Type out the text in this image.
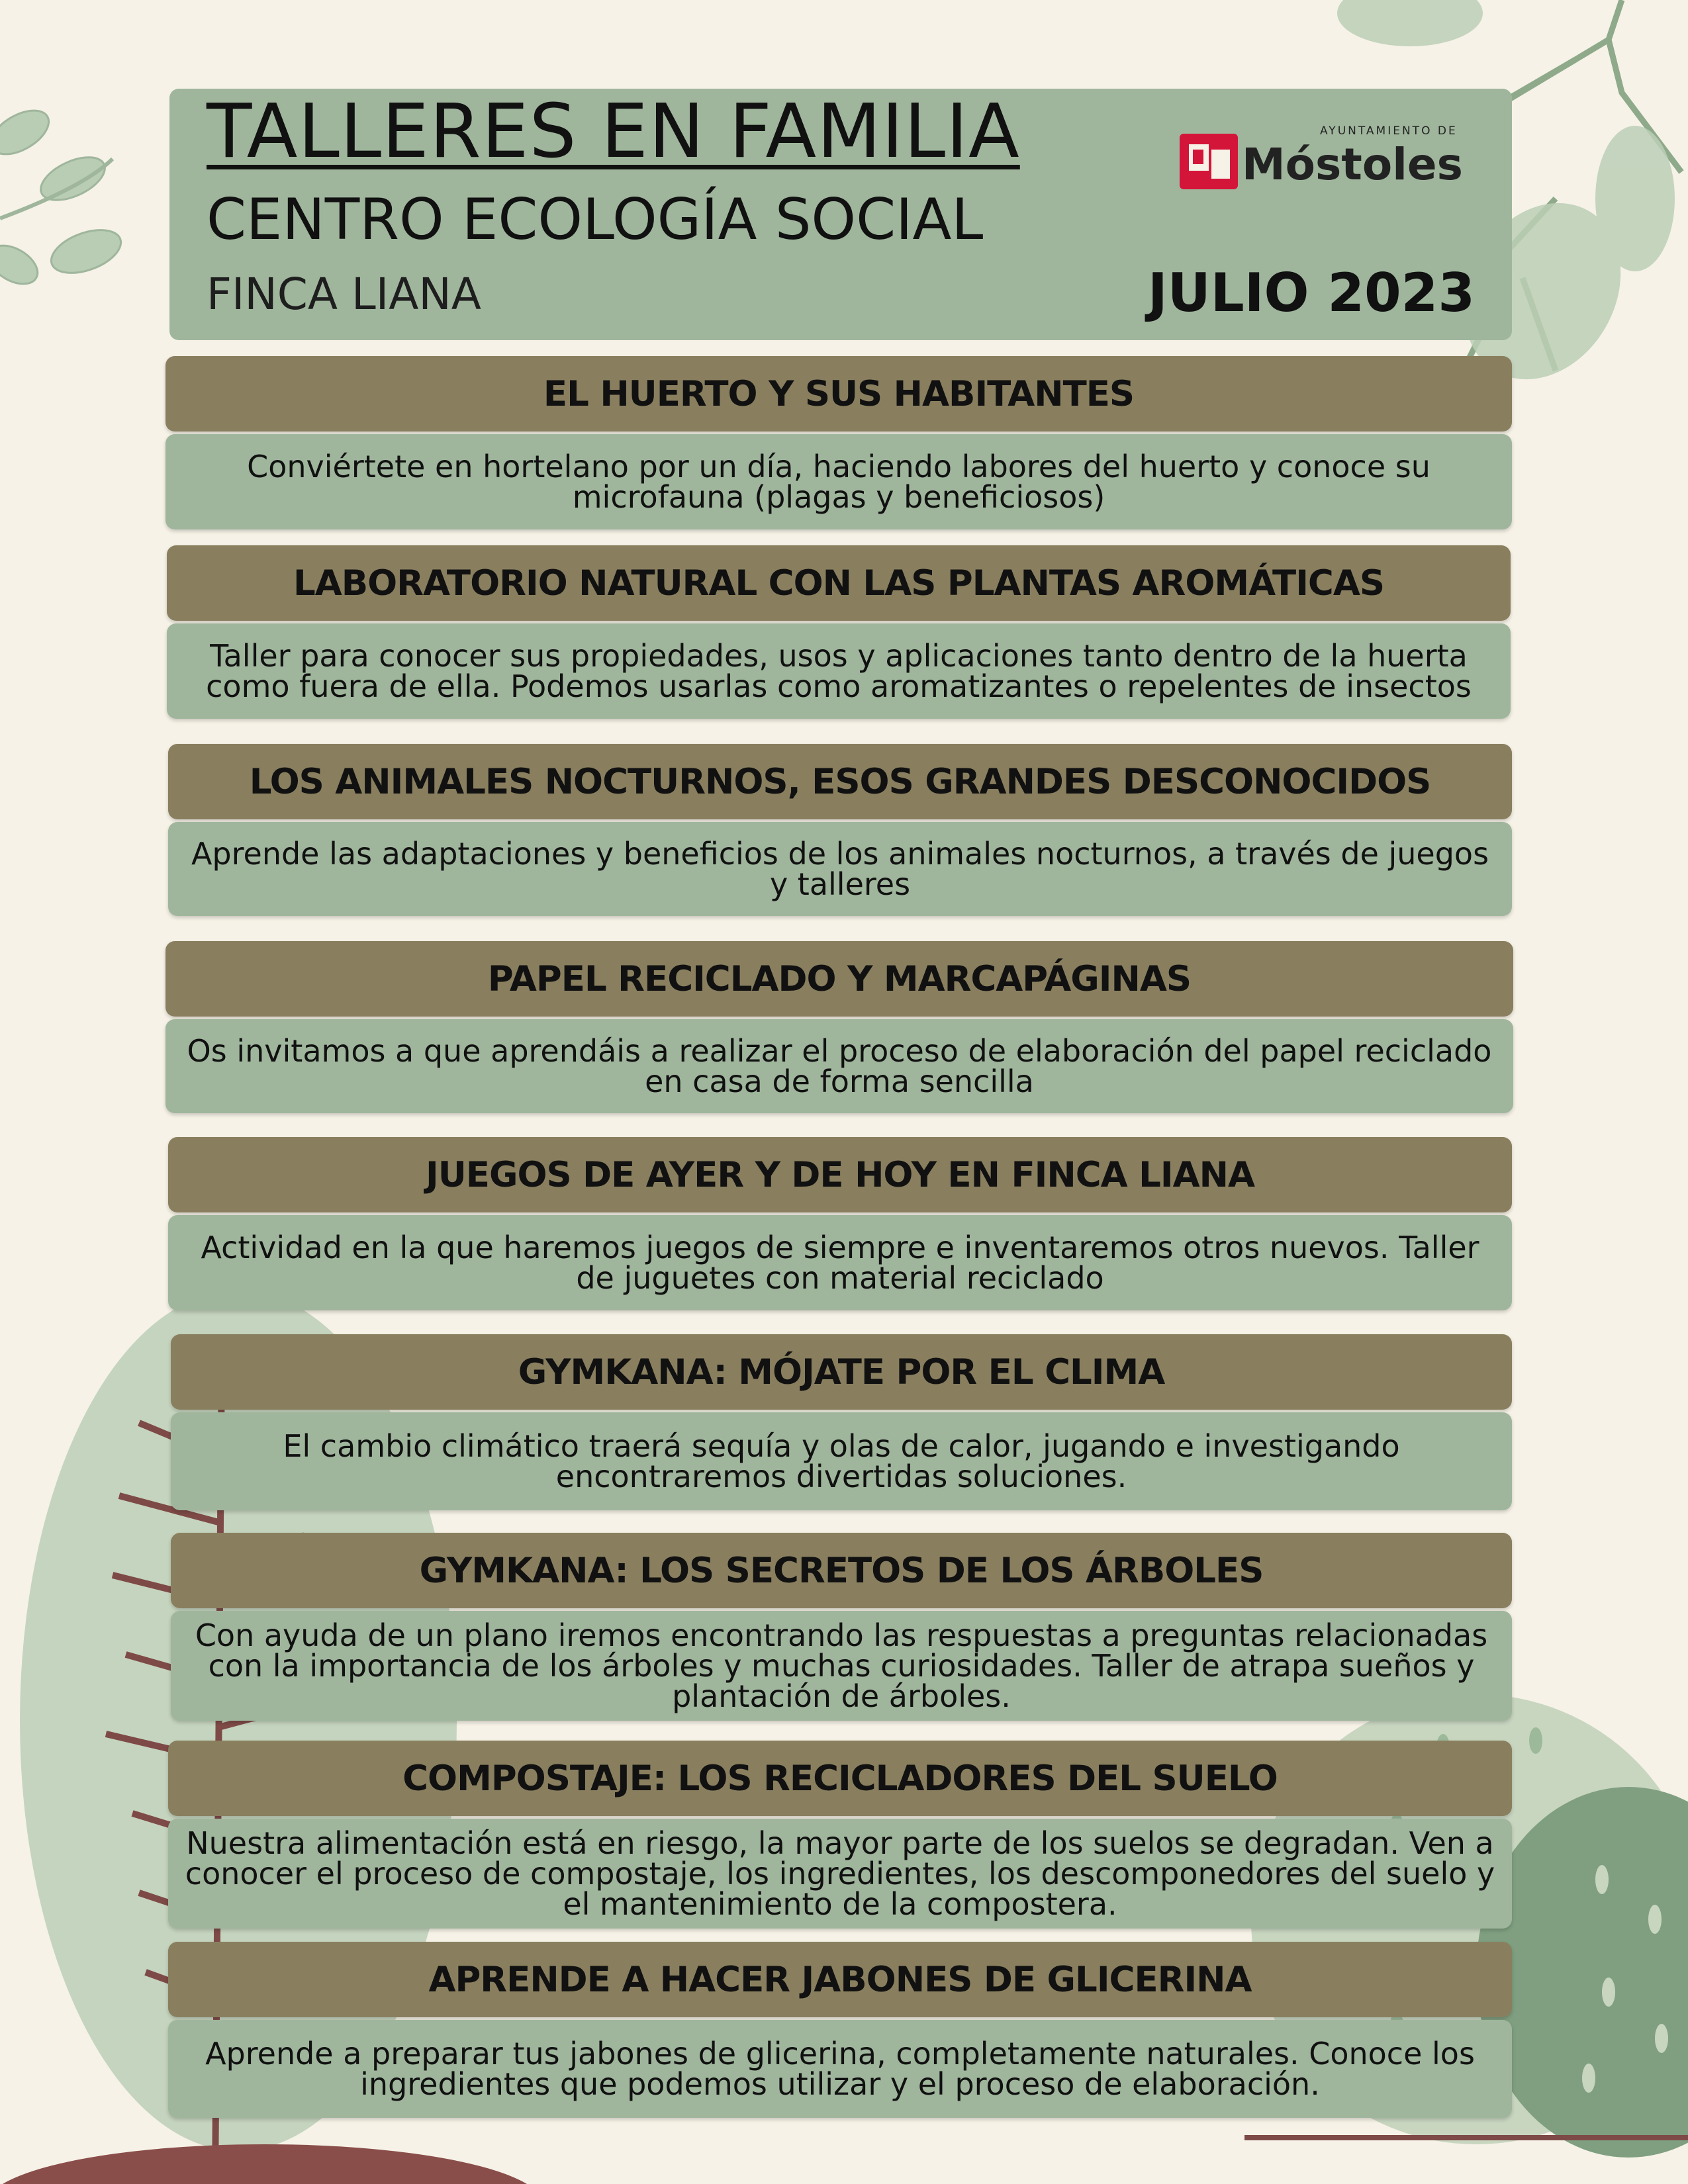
TALLERES EN FAMILIA
CENTRO ECOLOGÍA SOCIAL
FINCA LIANA	JULIO 2023
AYUNTAMIENTO DE
Móstoles
EL HUERTO Y SUS HABITANTES
Conviértete en hortelano por un día, haciendo labores del huerto y conoce su microfauna (plagas y beneficiosos)
LABORATORIO NATURAL CON LAS PLANTAS AROMÁTICAS
Taller para conocer sus propiedades, usos y aplicaciones tanto dentro de la huerta como fuera de ella. Podemos usarlas como aromatizantes o repelentes de insectos
LOS ANIMALES NOCTURNOS, ESOS GRANDES DESCONOCIDOS
Aprende las adaptaciones y beneficios de los animales nocturnos, a través de juegos y talleres
PAPEL RECICLADO Y MARCAPÁGINAS
Os invitamos a que aprendáis a realizar el proceso de elaboración del papel reciclado en casa de forma sencilla
JUEGOS DE AYER Y DE HOY EN FINCA LIANA
Actividad en la que haremos juegos de siempre e inventaremos otros nuevos. Taller de juguetes con material reciclado
GYMKANA: MÓJATE POR EL CLIMA
El cambio climático traerá sequía y olas de calor, jugando e investigando encontraremos divertidas soluciones.
GYMKANA: LOS SECRETOS DE LOS ÁRBOLES
Con ayuda de un plano iremos encontrando las respuestas a preguntas relacionadas con la importancia de los árboles y muchas curiosidades. Taller de atrapa sueños y plantación de árboles.
COMPOSTAJE: LOS RECICLADORES DEL SUELO
Nuestra alimentación está en riesgo, la mayor parte de los suelos se degradan. Ven a conocer el proceso de compostaje, los ingredientes, los descomponedores del suelo y el mantenimiento de la compostera.
APRENDE A HACER JABONES DE GLICERINA
Aprende a preparar tus jabones de glicerina, completamente naturales. Conoce los ingredientes que podemos utilizar y el proceso de elaboración.
